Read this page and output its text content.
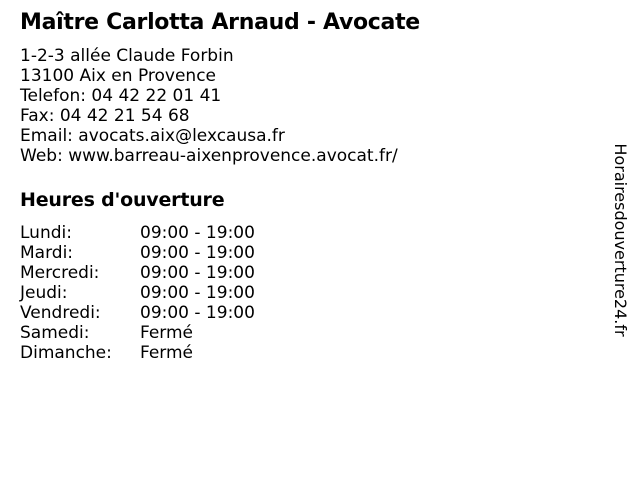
Maître Carlotta Arnaud - Avocate
1-2-3 allée Claude Forbin
13100 Aix en Provence
Telefon: 04 42 22 01 41
Fax: 04 42 21 54 68
Email: avocats.aix@lexcausa.fr
Web: www.barreau-aixenprovence.avocat.fr/
Heures d'ouverture
Lundi:	09:00 - 19:00
Mardi:	09:00 - 19:00
Mercredi: 09:00 - 19:00
Jeudi:	09:00 - 19:00
Vendredi: 09:00 - 19:00
Samedi:	Fermé
Dimanche: Fermé
Horairesdouverture24.fr
